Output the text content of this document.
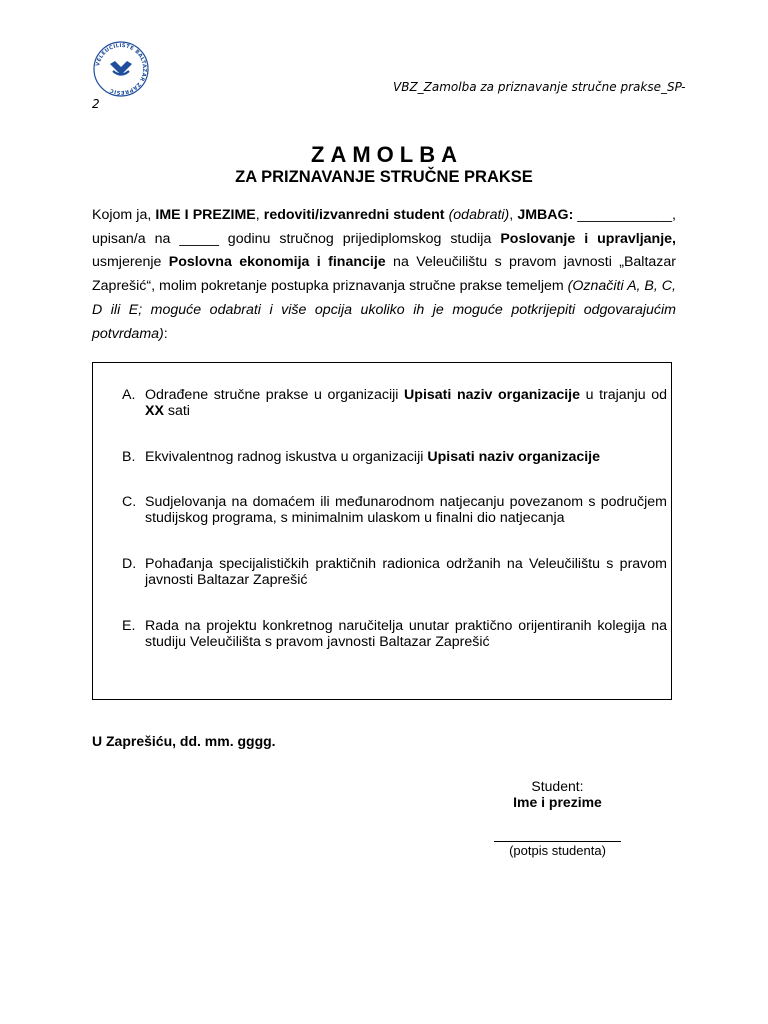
VELEUČILIŠTE BALTAZAR ZAPREŠIĆ	VBZ_Zamolba za priznavanje stručne prakse_SP-
2
ZAMOLBA
ZA PRIZNAVANJE STRUČNE PRAKSE
Kojom ja, IME I PREZIME, redoviti/izvanredni student (odabrati), JMBAG: ____________, upisan/a na _____ godinu stručnog prijediplomskog studija Poslovanje i upravljanje, usmjerenje Poslovna ekonomija i financije na Veleučilištu s pravom javnosti „Baltazar Zaprešić“, molim pokretanje postupka priznavanja stručne prakse temeljem (Označiti A, B, C, D ili E; moguće odabrati i više opcija ukoliko ih je moguće potkrijepiti odgovarajućim potvrdama):
A. Odrađene stručne prakse u organizaciji Upisati naziv organizacije u trajanju od XX sati
B. Ekvivalentnog radnog iskustva u organizaciji Upisati naziv organizacije
C. Sudjelovanja na domaćem ili međunarodnom natjecanju povezanom s područjem studijskog programa, s minimalnim ulaskom u finalni dio natjecanja
D. Pohađanja specijalističkih praktičnih radionica održanih na Veleučilištu s pravom javnosti Baltazar Zaprešić
E. Rada na projektu konkretnog naručitelja unutar praktično orijentiranih kolegija na studiju Veleučilišta s pravom javnosti Baltazar Zaprešić
U Zaprešiću, dd. mm. gggg.
Student:
Ime i prezime
(potpis studenta)
